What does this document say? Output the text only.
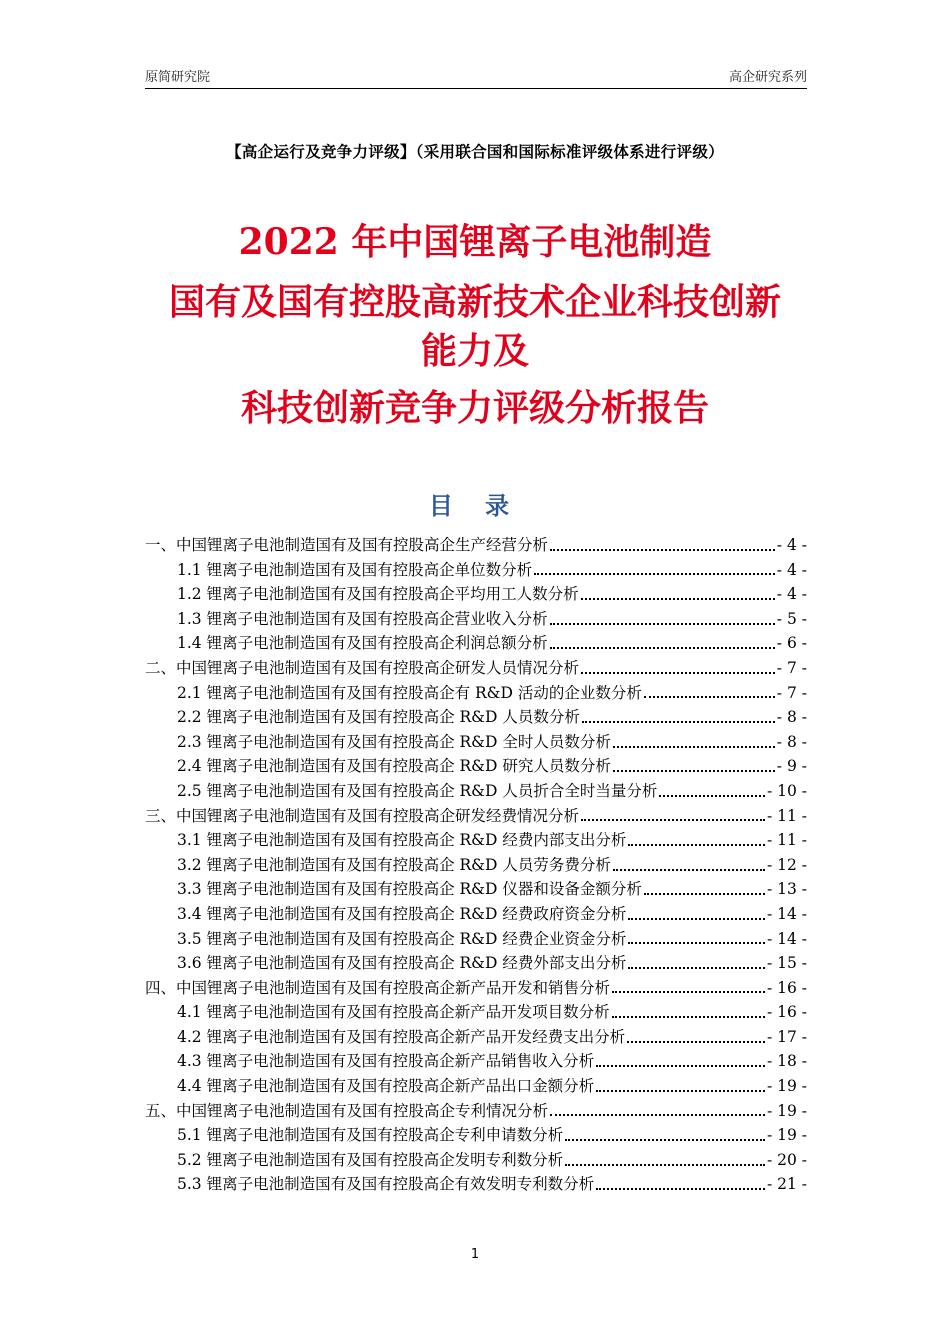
原简研究院	高企研究系列
【高企运行及竞争力评级】（采用联合国和国际标准评级体系进行评级）
2022 年中国锂离子电池制造
国有及国有控股高新技术企业科技创新
能力及
科技创新竞争力评级分析报告
目 录
一、中国锂离子电池制造国有及国有控股高企生产经营分析	- 4 -
1.1 锂离子电池制造国有及国有控股高企单位数分析	- 4 -
1.2 锂离子电池制造国有及国有控股高企平均用工人数分析	- 4 -
1.3 锂离子电池制造国有及国有控股高企营业收入分析	- 5 -
1.4 锂离子电池制造国有及国有控股高企利润总额分析	- 6 -
二、中国锂离子电池制造国有及国有控股高企研发人员情况分析	- 7 -
2.1 锂离子电池制造国有及国有控股高企有 R&D 活动的企业数分析	- 7 -
2.2 锂离子电池制造国有及国有控股高企 R&D 人员数分析	- 8 -
2.3 锂离子电池制造国有及国有控股高企 R&D 全时人员数分析	- 8 -
2.4 锂离子电池制造国有及国有控股高企 R&D 研究人员数分析	- 9 -
2.5 锂离子电池制造国有及国有控股高企 R&D 人员折合全时当量分析	- 10 -
三、中国锂离子电池制造国有及国有控股高企研发经费情况分析	- 11 -
3.1 锂离子电池制造国有及国有控股高企 R&D 经费内部支出分析	- 11 -
3.2 锂离子电池制造国有及国有控股高企 R&D 人员劳务费分析	- 12 -
3.3 锂离子电池制造国有及国有控股高企 R&D 仪器和设备金额分析	- 13 -
3.4 锂离子电池制造国有及国有控股高企 R&D 经费政府资金分析	- 14 -
3.5 锂离子电池制造国有及国有控股高企 R&D 经费企业资金分析	- 14 -
3.6 锂离子电池制造国有及国有控股高企 R&D 经费外部支出分析	- 15 -
四、中国锂离子电池制造国有及国有控股高企新产品开发和销售分析	- 16 -
4.1 锂离子电池制造国有及国有控股高企新产品开发项目数分析	- 16 -
4.2 锂离子电池制造国有及国有控股高企新产品开发经费支出分析	- 17 -
4.3 锂离子电池制造国有及国有控股高企新产品销售收入分析	- 18 -
4.4 锂离子电池制造国有及国有控股高企新产品出口金额分析	- 19 -
五、中国锂离子电池制造国有及国有控股高企专利情况分析	- 19 -
5.1 锂离子电池制造国有及国有控股高企专利申请数分析	- 19 -
5.2 锂离子电池制造国有及国有控股高企发明专利数分析	- 20 -
5.3 锂离子电池制造国有及国有控股高企有效发明专利数分析	- 21 -
1
